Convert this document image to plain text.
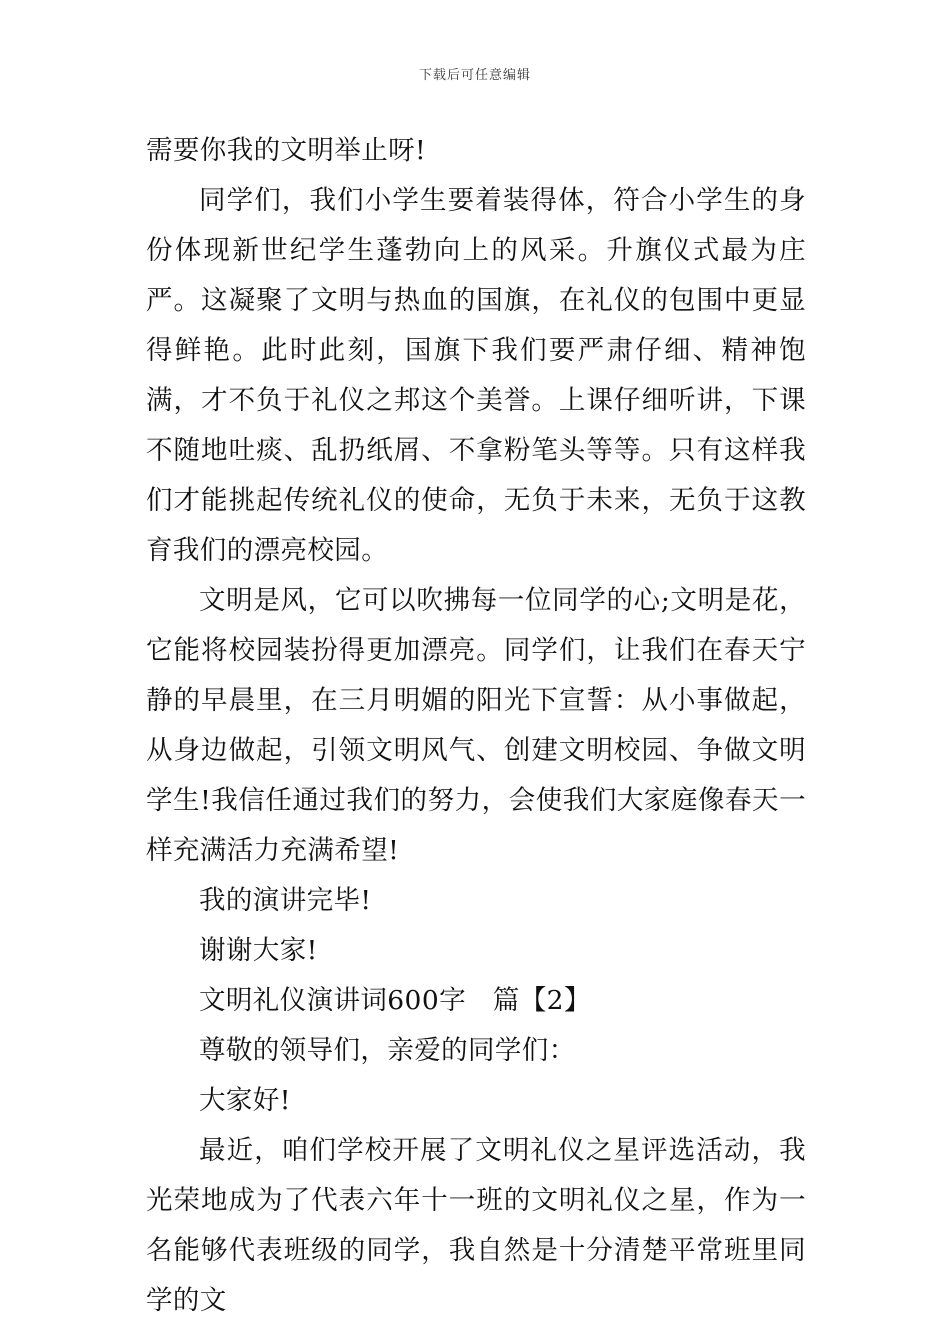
下载后可任意编辑

需要你我的文明举止呀!

同学们，我们小学生要着装得体，符合小学生的身份体现新世纪学生蓬勃向上的风采。升旗仪式最为庄严。这凝聚了文明与热血的国旗，在礼仪的包围中更显得鲜艳。此时此刻，国旗下我们要严肃仔细、精神饱满，才不负于礼仪之邦这个美誉。上课仔细听讲，下课不随地吐痰、乱扔纸屑、不拿粉笔头等等。只有这样我们才能挑起传统礼仪的使命，无负于未来，无负于这教育我们的漂亮校园。

文明是风，它可以吹拂每一位同学的心;文明是花，它能将校园装扮得更加漂亮。同学们，让我们在春天宁静的早晨里，在三月明媚的阳光下宣誓：从小事做起，从身边做起，引领文明风气、创建文明校园、争做文明学生!我信任通过我们的努力，会使我们大家庭像春天一样充满活力充满希望!

我的演讲完毕!

谢谢大家!

文明礼仪演讲词600字　篇【2】

尊敬的领导们，亲爱的同学们：

大家好!

最近，咱们学校开展了文明礼仪之星评选活动，我光荣地成为了代表六年十一班的文明礼仪之星，作为一名能够代表班级的同学，我自然是十分清楚平常班里同学的文
